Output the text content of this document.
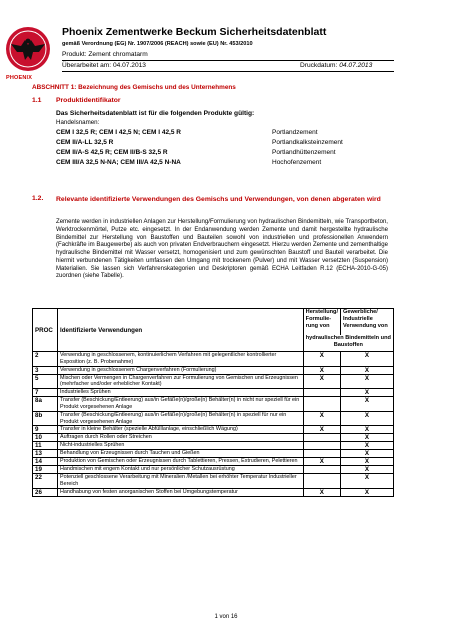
PHOENIX
Phoenix Zementwerke Beckum Sicherheitsdatenblatt
gemäß Verordnung (EG) Nr. 1907/2006 (REACH) sowie (EU) Nr. 453/2010
Produkt: Zement chromatarm
Überarbeitet am: 04.07.2013	Druckdatum: 04.07.2013
ABSCHNITT 1: Bezeichnung des Gemischs und des Unternehmens
1.1 Produktidentifikator
Das Sicherheitsdatenblatt ist für die folgenden Produkte gültig:
Handelsnamen:
CEM I 32,5 R; CEM I 42,5 N; CEM I 42,5 R	Portlandzement
CEM II/A-LL 32,5 R	Portlandkalksteinzement
CEM II/A-S 42,5 R; CEM II/B-S 32,5 R	Portlandhüttenzement
CEM III/A 32,5 N-NA; CEM III/A 42,5 N-NA	Hochofenzement
1.2. Relevante identifizierte Verwendungen des Gemischs und Verwendungen, von denen abgeraten wird
Zemente werden in industriellen Anlagen zur Herstellung/Formulierung von hydraulischen Bindemitteln, wie Transportbeton, Werktrockenmörtel, Putze etc. eingesetzt. In der Endanwendung werden Zemente und damit hergestellte hydraulische Bindemittel zur Herstellung von Baustoffen und Bauteilen sowohl von industriellen und professionellen Anwendern (Fachkräfte im Baugewerbe) als auch von privaten Endverbrauchern eingesetzt. Hierzu werden Zemente und zementhaltige hydraulische Bindemittel mit Wasser versetzt, homogenisiert und zum gewünschten Baustoff und Bauteil verarbeitet. Die hiermit verbundenen Tätigkeiten umfassen den Umgang mit trockenem (Pulver) und mit Wasser versetzten (Suspension) Materialien. Sie lassen sich Verfahrenskategorien und Deskriptoren gemäß ECHA Leitfaden R.12 (ECHA-2010-G-05) zuordnen (siehe Tabelle).
PROC	Identifizierte Verwendungen	Herstellung/ Formulie-rung von	Gewerbliche/ Industrielle Verwendung von
		hydraulischen Bindemitteln und Baustoffen	
2	Verwendung in geschlossenem, kontinuierlichem Verfahren mit gelegentlicher kontrollierter Exposition (z. B. Probenahme)	X	X
3	Verwendung in geschlossenem Chargenverfahren (Formulierung)	X	X
5	Mischen oder Vermengen in Chargenverfahren zur Formulierung von Gemischen und Erzeugnissen (mehrfacher und/oder erheblicher Kontakt)	X	X
7	Industrielles Sprühen		X
8a	Transfer (Beschickung/Entleerung) aus/in Gefäße(n)/große(n) Behälter(n) in nicht nur speziell für ein Produkt vorgesehenen Anlage		X
8b	Transfer (Beschickung/Entleerung) aus/in Gefäße(n)/große(n) Behälter(n) in speziell für nur ein Produkt vorgesehenen Anlage	X	X
9	Transfer in kleine Behälter (spezielle Abfülllanlage, einschließlich Wägung)	X	X
10	Auftragen durch Rollen oder Streichen		X
11	Nicht-industrielles Sprühen		X
13	Behandlung von Erzeugnissen durch Tauchen und Gießen		X
14	Produktion von Gemischen oder Erzeugnissen durch Tablettieren, Pressen, Extrudieren, Pelettieren	X	X
19	Handmischen mit engem Kontakt und nur persönlicher Schutzausrüstung		X
22	Potenziell geschlossene Verarbeitung mit Mineralien /Metallen bei erhöhter Temperatur Industrieller Bereich		X
26	Handhabung von festen anorganischen Stoffen bei Umgebungstemperatur	X	X
1 von 16
